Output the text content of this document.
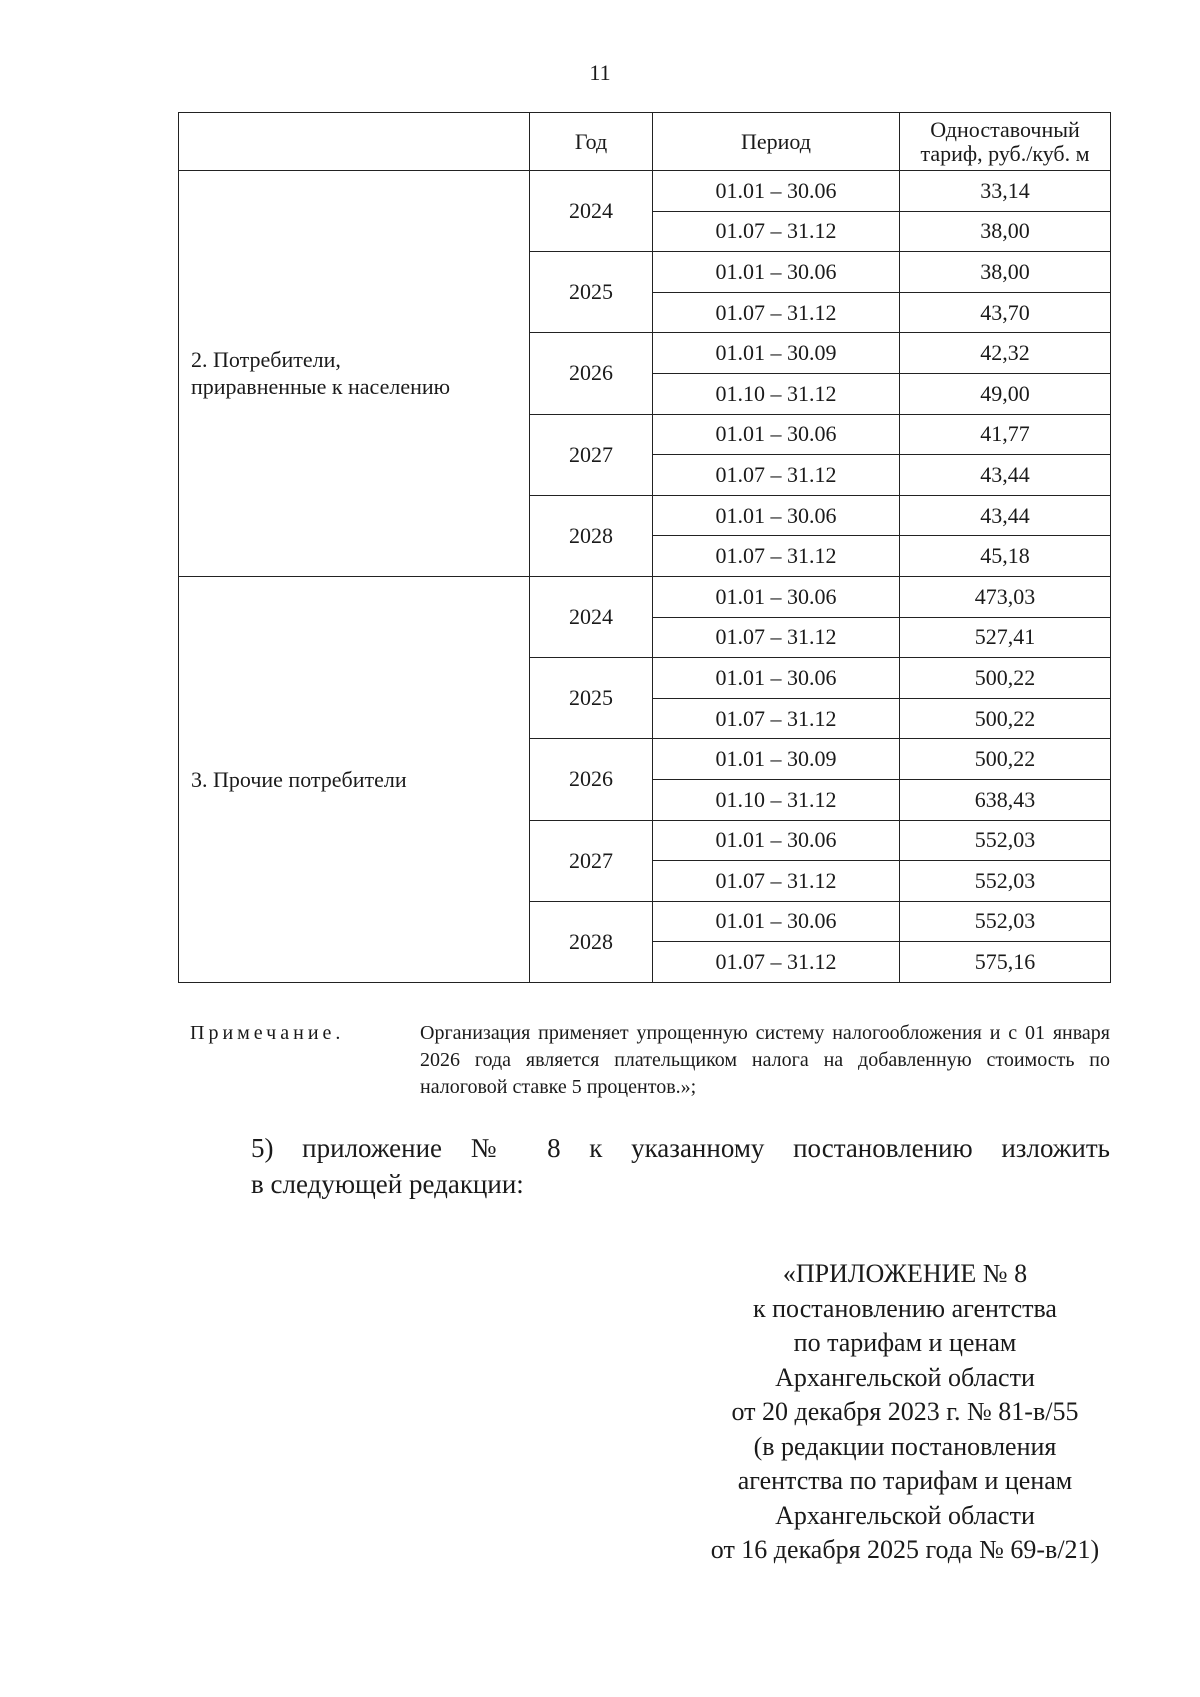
11
	Год	Период	Одноставочный
тариф, руб./куб. м

2. Потребители,
приравненные к населению	2024	01.01 – 30.06	33,14
		01.07 – 31.12	38,00
	2025	01.01 – 30.06	38,00
		01.07 – 31.12	43,70
	2026	01.01 – 30.09	42,32
		01.10 – 31.12	49,00
	2027	01.01 – 30.06	41,77
		01.07 – 31.12	43,44
	2028	01.01 – 30.06	43,44
		01.07 – 31.12	45,18

3. Прочие потребители	2024	01.01 – 30.06	473,03
		01.07 – 31.12	527,41
	2025	01.01 – 30.06	500,22
		01.07 – 31.12	500,22
	2026	01.01 – 30.09	500,22
		01.10 – 31.12	638,43
	2027	01.01 – 30.06	552,03
		01.07 – 31.12	552,03
	2028	01.01 – 30.06	552,03
		01.07 – 31.12	575,16
Примечание.	Организация применяет упрощенную систему налогообложения и с 01 января 2026 года является плательщиком налога на добавленную стоимость по налоговой ставке 5 процентов.»;
5) приложение № 8 к указанному постановлению изложить
в следующей редакции:
«ПРИЛОЖЕНИЕ № 8
к постановлению агентства
по тарифам и ценам
Архангельской области
от 20 декабря 2023 г. № 81-в/55
(в редакции постановления
агентства по тарифам и ценам
Архангельской области
от 16 декабря 2025 года № 69-в/21)
